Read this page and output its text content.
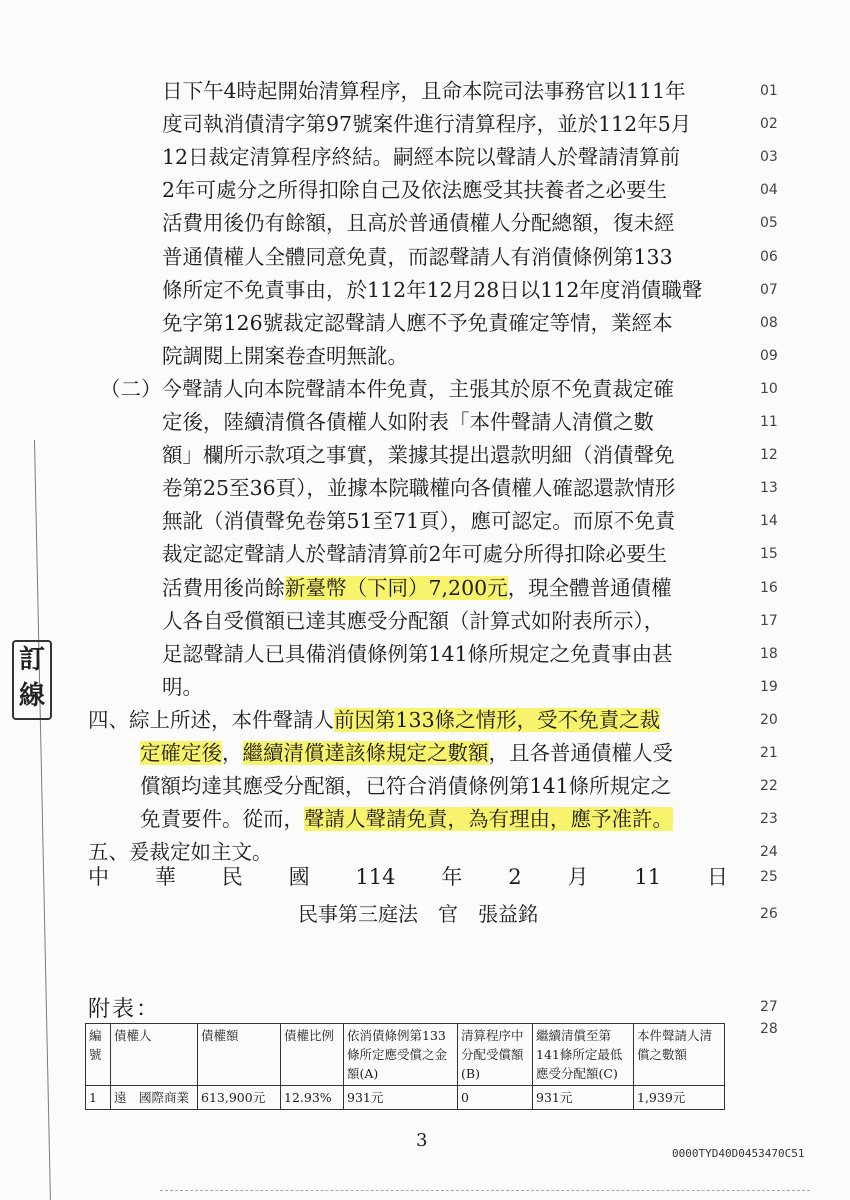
訂
線
日下午4時起開始清算程序，且命本院司法事務官以111年	01
度司執消債清字第97號案件進行清算程序，並於112年5月	02
12日裁定清算程序終結。嗣經本院以聲請人於聲請清算前	03
2年可處分之所得扣除自己及依法應受其扶養者之必要生	04
活費用後仍有餘額，且高於普通債權人分配總額，復未經	05
普通債權人全體同意免責，而認聲請人有消債條例第133	06
條所定不免責事由，於112年12月28日以112年度消債職聲	07
免字第126號裁定認聲請人應不予免責確定等情，業經本	08
院調閱上開案卷查明無訛。	09
（二）今聲請人向本院聲請本件免責，主張其於原不免責裁定確	10
定後，陸續清償各債權人如附表「本件聲請人清償之數	11
額」欄所示款項之事實，業據其提出還款明細（消債聲免	12
卷第25至36頁），並據本院職權向各債權人確認還款情形	13
無訛（消債聲免卷第51至71頁），應可認定。而原不免責	14
裁定認定聲請人於聲請清算前2年可處分所得扣除必要生	15
活費用後尚餘新臺幣（下同）7,200元，現全體普通債權	16
人各自受償額已達其應受分配額（計算式如附表所示），	17
足認聲請人已具備消債條例第141條所規定之免責事由甚	18
明。	19
四、綜上所述，本件聲請人前因第133條之情形，受不免責之裁	20
定確定後，繼續清償達該條規定之數額，且各普通債權人受	21
償額均達其應受分配額，已符合消債條例第141條所規定之	22
免責要件。從而，聲請人聲請免責，為有理由，應予准許。	23
五、爰裁定如主文。	24
中 華 民 國 114 年 2 月 11 日 25
民事第三庭法　官　張益銘	26
附表：	27
28
編號	債權人	債權額	債權比例	依消債條例第133條所定應受償之金額(A)	清算程序中分配受償額(B)	繼續清償至第141條所定最低應受分配額(C)	本件聲請人清償之數額
1	遠　國際商業	613,900元	12.93%	931元	0	931元	1,939元
3
0000TYD40D0453470C51
